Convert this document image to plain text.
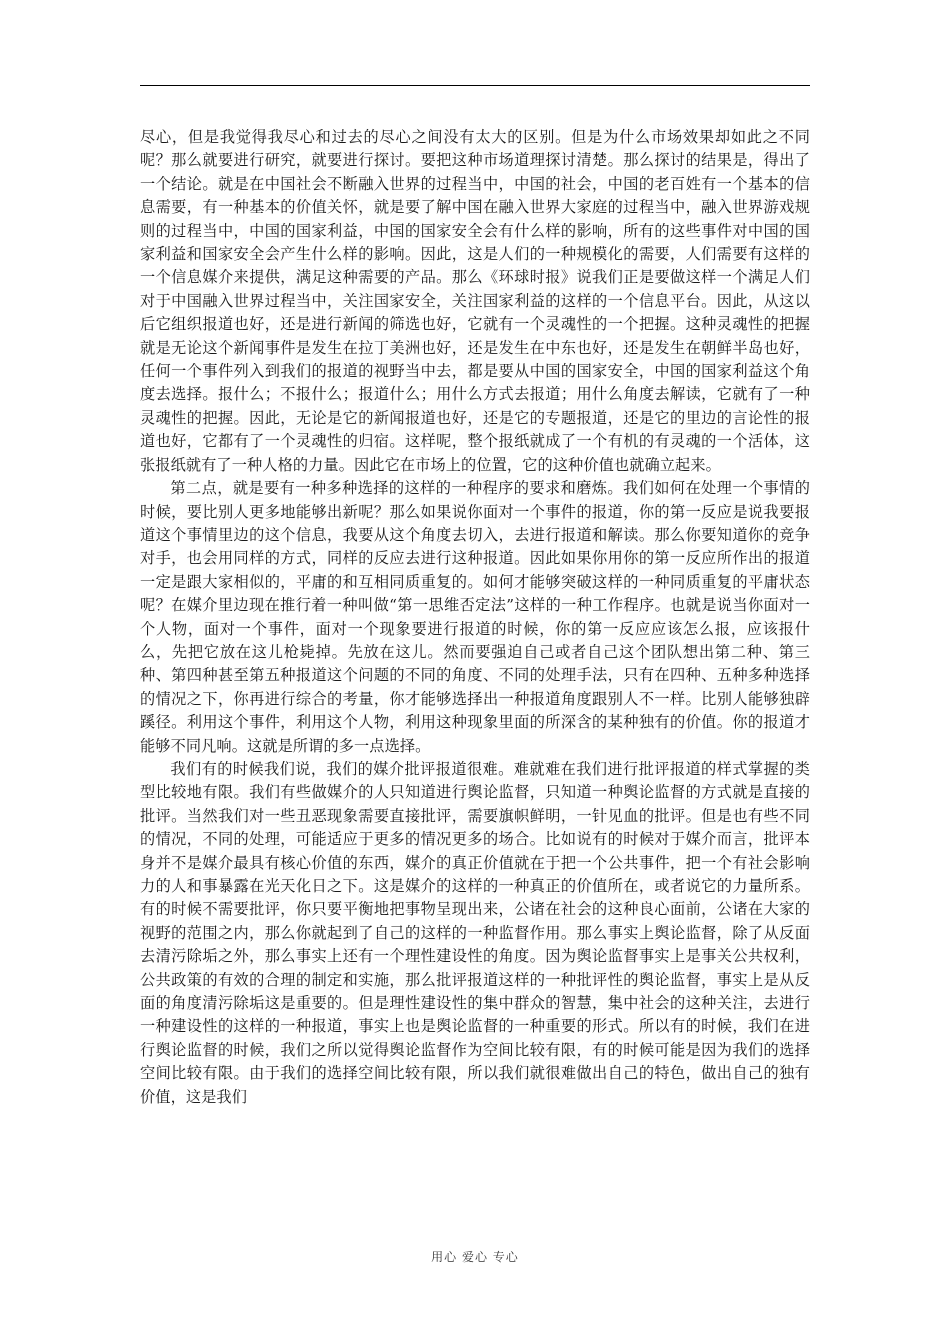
尽心，但是我觉得我尽心和过去的尽心之间没有太大的区别。但是为什么市场效果却如此之不同呢？那么就要进行研究，就要进行探讨。要把这种市场道理探讨清楚。那么探讨的结果是，得出了一个结论。就是在中国社会不断融入世界的过程当中，中国的社会，中国的老百姓有一个基本的信息需要，有一种基本的价值关怀，就是要了解中国在融入世界大家庭的过程当中，融入世界游戏规则的过程当中，中国的国家利益，中国的国家安全会有什么样的影响，所有的这些事件对中国的国家利益和国家安全会产生什么样的影响。因此，这是人们的一种规模化的需要，人们需要有这样的一个信息媒介来提供，满足这种需要的产品。那么《环球时报》说我们正是要做这样一个满足人们对于中国融入世界过程当中，关注国家安全，关注国家利益的这样的一个信息平台。因此，从这以后它组织报道也好，还是进行新闻的筛选也好，它就有一个灵魂性的一个把握。这种灵魂性的把握就是无论这个新闻事件是发生在拉丁美洲也好，还是发生在中东也好，还是发生在朝鲜半岛也好，任何一个事件列入到我们的报道的视野当中去，都是要从中国的国家安全，中国的国家利益这个角度去选择。报什么；不报什么；报道什么；用什么方式去报道；用什么角度去解读，它就有了一种灵魂性的把握。因此，无论是它的新闻报道也好，还是它的专题报道，还是它的里边的言论性的报道也好，它都有了一个灵魂性的归宿。这样呢，整个报纸就成了一个有机的有灵魂的一个活体，这张报纸就有了一种人格的力量。因此它在市场上的位置，它的这种价值也就确立起来。

第二点，就是要有一种多种选择的这样的一种程序的要求和磨炼。我们如何在处理一个事情的时候，要比别人更多地能够出新呢？那么如果说你面对一个事件的报道，你的第一反应是说我要报道这个事情里边的这个信息，我要从这个角度去切入，去进行报道和解读。那么你要知道你的竞争对手，也会用同样的方式，同样的反应去进行这种报道。因此如果你用你的第一反应所作出的报道一定是跟大家相似的，平庸的和互相同质重复的。如何才能够突破这样的一种同质重复的平庸状态呢？在媒介里边现在推行着一种叫做“第一思维否定法”这样的一种工作程序。也就是说当你面对一个人物，面对一个事件，面对一个现象要进行报道的时候，你的第一反应应该怎么报，应该报什么，先把它放在这儿枪毙掉。先放在这儿。然而要强迫自己或者自己这个团队想出第二种、第三种、第四种甚至第五种报道这个问题的不同的角度、不同的处理手法，只有在四种、五种多种选择的情况之下，你再进行综合的考量，你才能够选择出一种报道角度跟别人不一样。比别人能够独辟蹊径。利用这个事件，利用这个人物，利用这种现象里面的所深含的某种独有的价值。你的报道才能够不同凡响。这就是所谓的多一点选择。

我们有的时候我们说，我们的媒介批评报道很难。难就难在我们进行批评报道的样式掌握的类型比较地有限。我们有些做媒介的人只知道进行舆论监督，只知道一种舆论监督的方式就是直接的批评。当然我们对一些丑恶现象需要直接批评，需要旗帜鲜明，一针见血的批评。但是也有些不同的情况，不同的处理，可能适应于更多的情况更多的场合。比如说有的时候对于媒介而言，批评本身并不是媒介最具有核心价值的东西，媒介的真正价值就在于把一个公共事件，把一个有社会影响力的人和事暴露在光天化日之下。这是媒介的这样的一种真正的价值所在，或者说它的力量所系。有的时候不需要批评，你只要平衡地把事物呈现出来，公诸在社会的这种良心面前，公诸在大家的视野的范围之内，那么你就起到了自己的这样的一种监督作用。那么事实上舆论监督，除了从反面去清污除垢之外，那么事实上还有一个理性建设性的角度。因为舆论监督事实上是事关公共权利，公共政策的有效的合理的制定和实施，那么批评报道这样的一种批评性的舆论监督，事实上是从反面的角度清污除垢这是重要的。但是理性建设性的集中群众的智慧，集中社会的这种关注，去进行一种建设性的这样的一种报道，事实上也是舆论监督的一种重要的形式。所以有的时候，我们在进行舆论监督的时候，我们之所以觉得舆论监督作为空间比较有限，有的时候可能是因为我们的选择空间比较有限。由于我们的选择空间比较有限，所以我们就很难做出自己的特色，做出自己的独有价值，这是我们

用心 爱心 专心
